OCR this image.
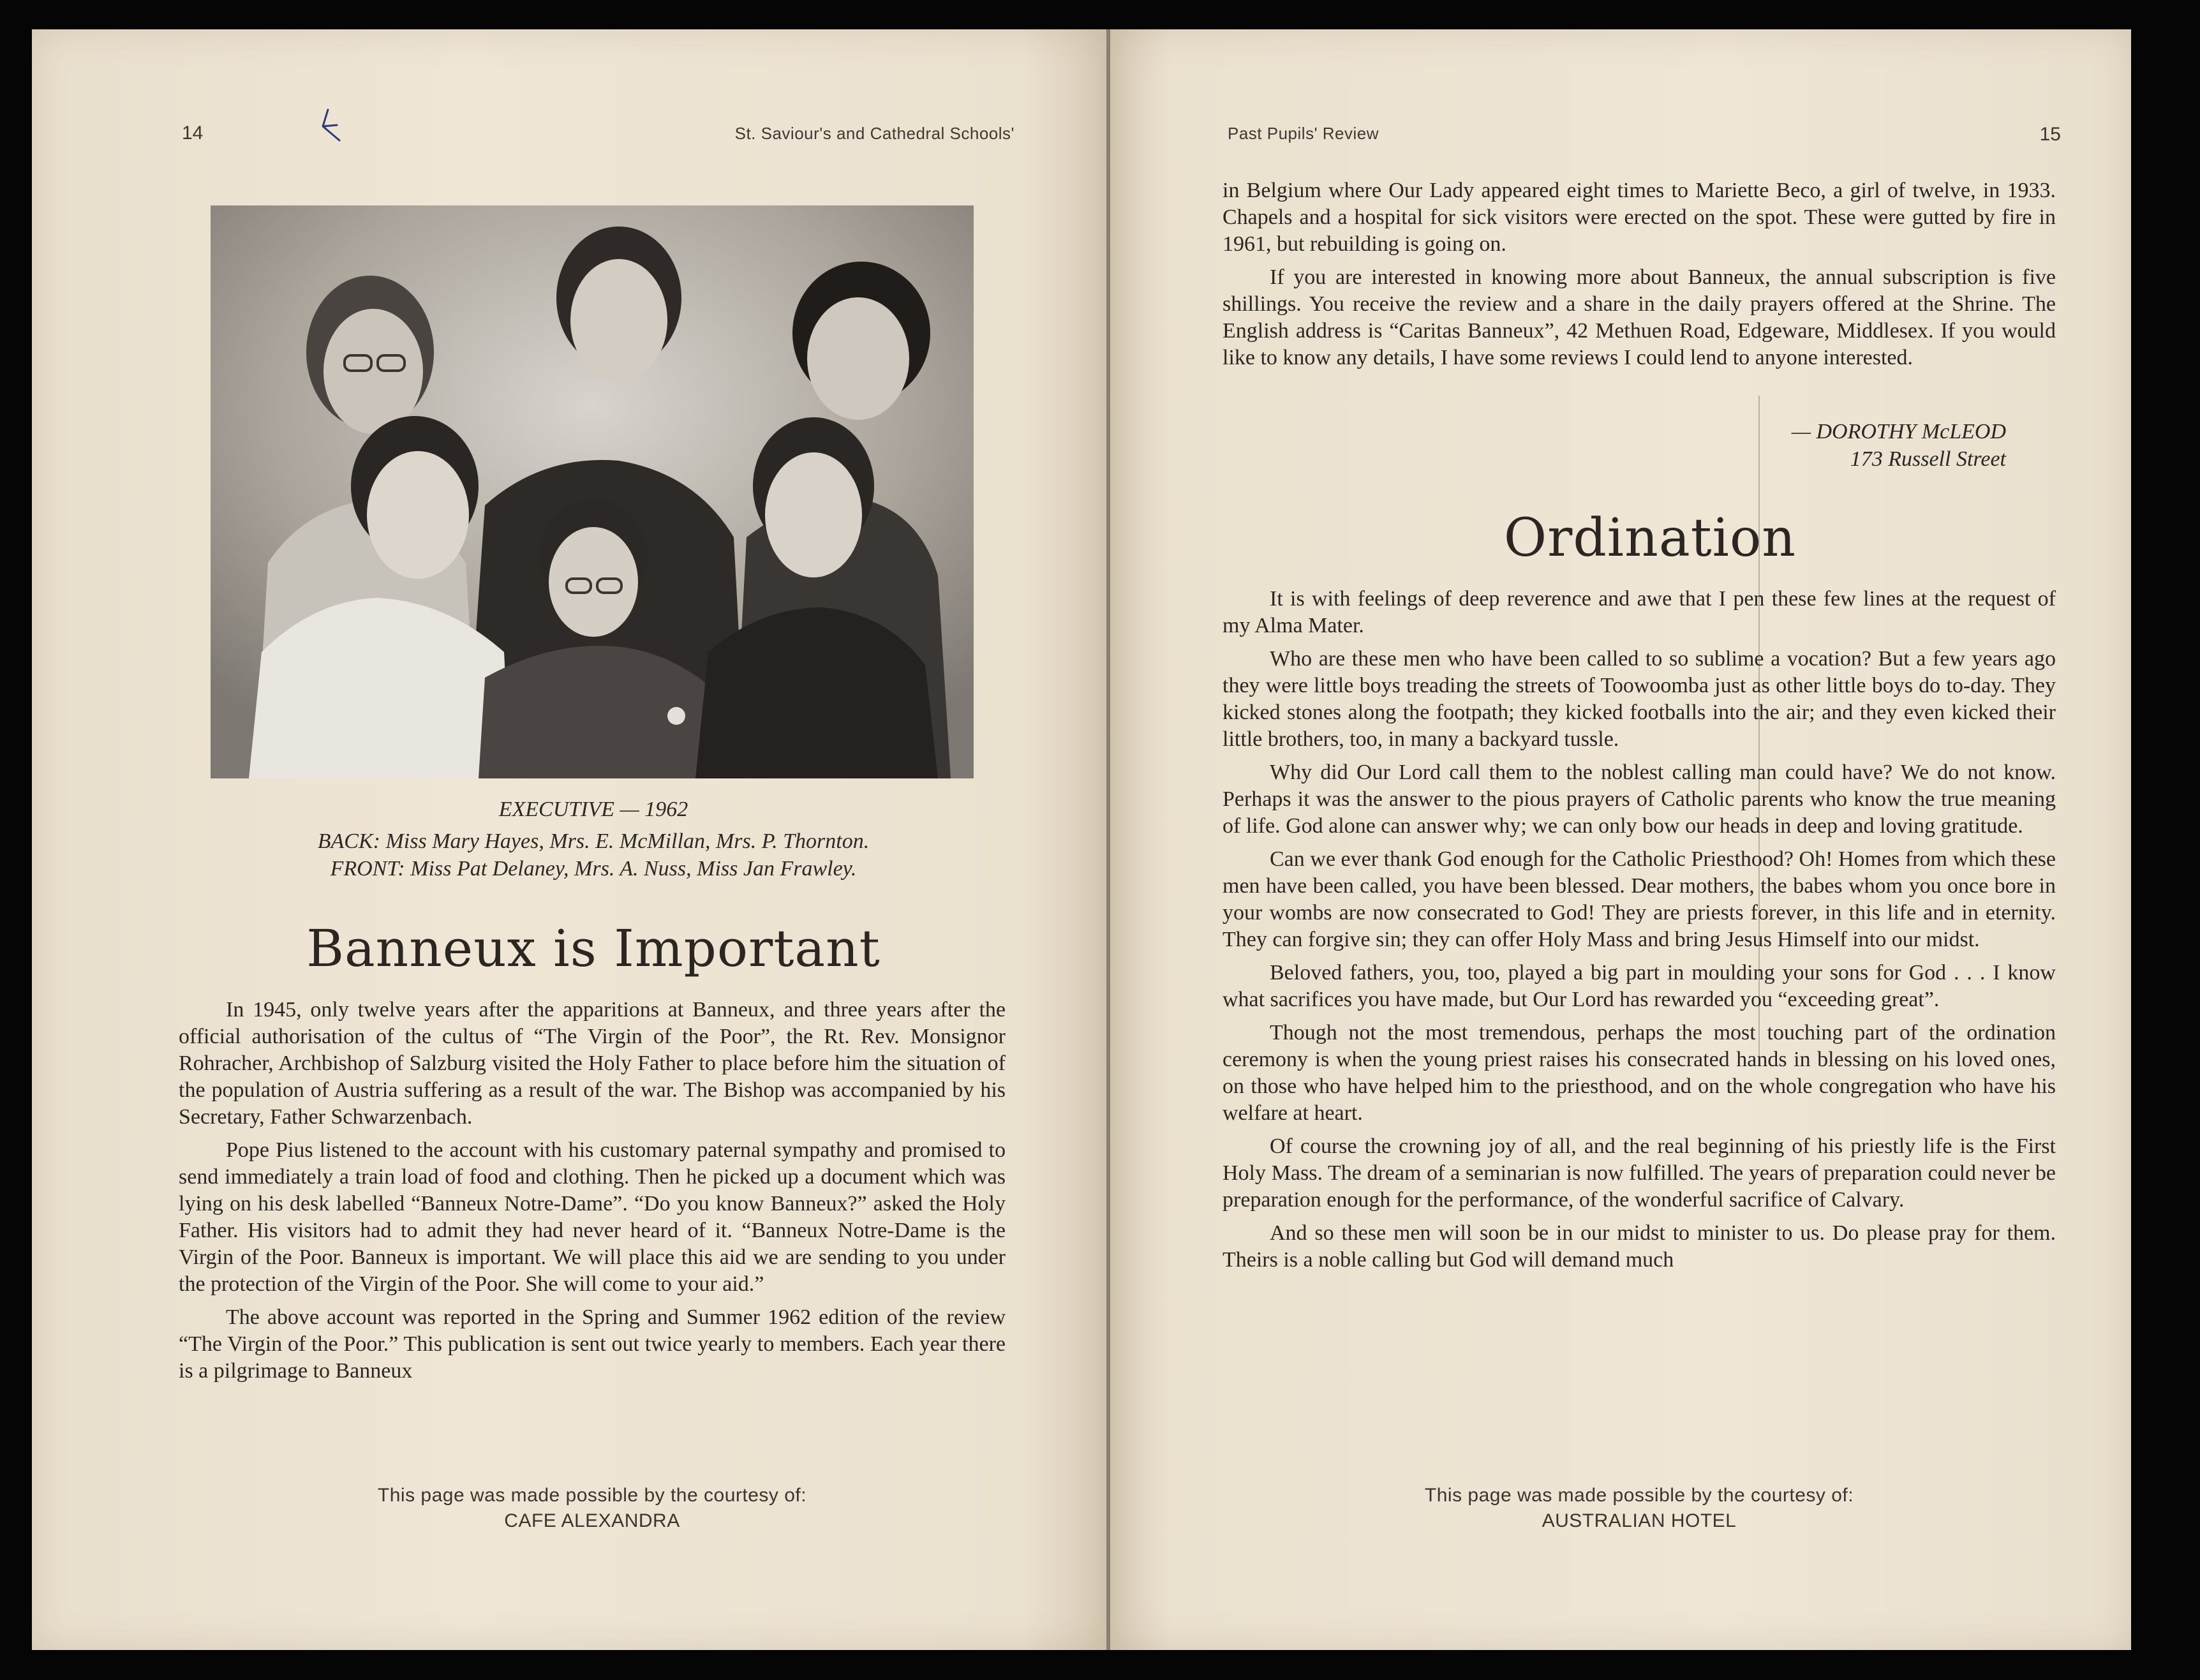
14	St. Saviour's and Cathedral Schools'
EXECUTIVE — 1962
BACK: Miss Mary Hayes, Mrs. E. McMillan, Mrs. P. Thornton.
FRONT: Miss Pat Delaney, Mrs. A. Nuss, Miss Jan Frawley.
Banneux is Important

In 1945, only twelve years after the apparitions at Banneux, and three years after the official authorisation of the cultus of “The Virgin of the Poor”, the Rt. Rev. Monsignor Rohracher, Archbishop of Salzburg visited the Holy Father to place before him the situation of the population of Austria suffering as a result of the war. The Bishop was accompanied by his Secretary, Father Schwarzenbach.

Pope Pius listened to the account with his customary paternal sympathy and promised to send immediately a train load of food and clothing. Then he picked up a document which was lying on his desk labelled “Banneux Notre-Dame”. “Do you know Banneux?” asked the Holy Father. His visitors had to admit they had never heard of it. “Banneux Notre-Dame is the Virgin of the Poor. Banneux is important. We will place this aid we are sending to you under the protection of the Virgin of the Poor. She will come to your aid.”

The above account was reported in the Spring and Summer 1962 edition of the review “The Virgin of the Poor.” This publication is sent out twice yearly to members. Each year there is a pilgrimage to Banneux

This page was made possible by the courtesy of:
CAFE ALEXANDRA
Past Pupils' Review	15

in Belgium where Our Lady appeared eight times to Mariette Beco, a girl of twelve, in 1933. Chapels and a hospital for sick visitors were erected on the spot. These were gutted by fire in 1961, but rebuilding is going on.

If you are interested in knowing more about Banneux, the annual subscription is five shillings. You receive the review and a share in the daily prayers offered at the Shrine. The English address is “Caritas Banneux”, 42 Methuen Road, Edgeware, Middlesex. If you would like to know any details, I have some reviews I could lend to anyone interested.

— DOROTHY McLEOD
173 Russell Street
Ordination

It is with feelings of deep reverence and awe that I pen these few lines at the request of my Alma Mater.

Who are these men who have been called to so sublime a vocation? But a few years ago they were little boys treading the streets of Toowoomba just as other little boys do to-day. They kicked stones along the footpath; they kicked footballs into the air; and they even kicked their little brothers, too, in many a backyard tussle.

Why did Our Lord call them to the noblest calling man could have? We do not know. Perhaps it was the answer to the pious prayers of Catholic parents who know the true meaning of life. God alone can answer why; we can only bow our heads in deep and loving gratitude.

Can we ever thank God enough for the Catholic Priesthood? Oh! Homes from which these men have been called, you have been blessed. Dear mothers, the babes whom you once bore in your wombs are now consecrated to God! They are priests forever, in this life and in eternity. They can forgive sin; they can offer Holy Mass and bring Jesus Himself into our midst.

Beloved fathers, you, too, played a big part in moulding your sons for God . . . I know what sacrifices you have made, but Our Lord has rewarded you “exceeding great”.

Though not the most tremendous, perhaps the most touching part of the ordination ceremony is when the young priest raises his consecrated hands in blessing on his loved ones, on those who have helped him to the priesthood, and on the whole congregation who have his welfare at heart.

Of course the crowning joy of all, and the real beginning of his priestly life is the First Holy Mass. The dream of a seminarian is now fulfilled. The years of preparation could never be preparation enough for the performance, of the wonderful sacrifice of Calvary.

And so these men will soon be in our midst to minister to us. Do please pray for them. Theirs is a noble calling but God will demand much

This page was made possible by the courtesy of:
AUSTRALIAN HOTEL
